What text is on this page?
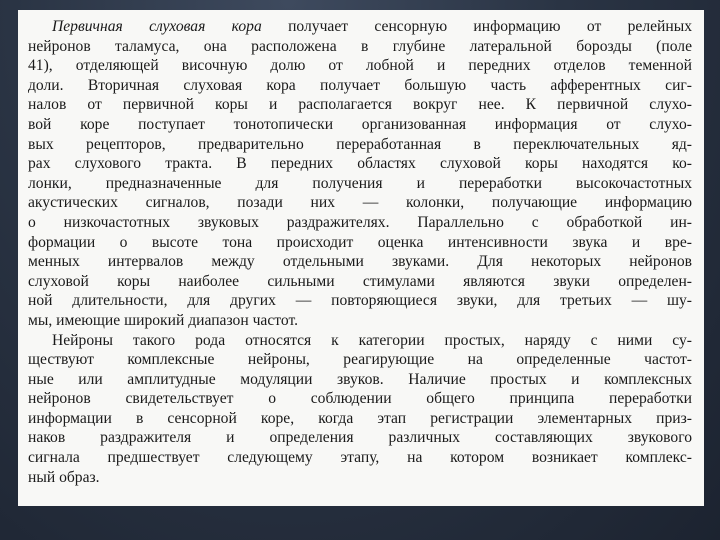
Первичная слуховая кора получает сенсорную информацию от релейных
нейронов таламуса, она расположена в глубине латеральной борозды (поле
41), отделяющей височную долю от лобной и передних отделов теменной
доли. Вторичная слуховая кора получает большую часть афферентных сиг-
налов от первичной коры и располагается вокруг нее. К первичной слухо-
вой коре поступает тонотопически организованная информация от слухо-
вых рецепторов, предварительно переработанная в переключательных яд-
рах слухового тракта. В передних областях слуховой коры находятся ко-
лонки, предназначенные для получения и переработки высокочастотных
акустических сигналов, позади них — колонки, получающие информацию
о низкочастотных звуковых раздражителях. Параллельно с обработкой ин-
формации о высоте тона происходит оценка интенсивности звука и вре-
менных интервалов между отдельными звуками. Для некоторых нейронов
слуховой коры наиболее сильными стимулами являются звуки определен-
ной длительности, для других — повторяющиеся звуки, для третьих — шу-
мы, имеющие широкий диапазон частот.
Нейроны такого рода относятся к категории простых, наряду с ними су-
ществуют комплексные нейроны, реагирующие на определенные частот-
ные или амплитудные модуляции звуков. Наличие простых и комплексных
нейронов свидетельствует о соблюдении общего принципа переработки
информации в сенсорной коре, когда этап регистрации элементарных приз-
наков раздражителя и определения различных составляющих звукового
сигнала предшествует следующему этапу, на котором возникает комплекс-
ный образ.
